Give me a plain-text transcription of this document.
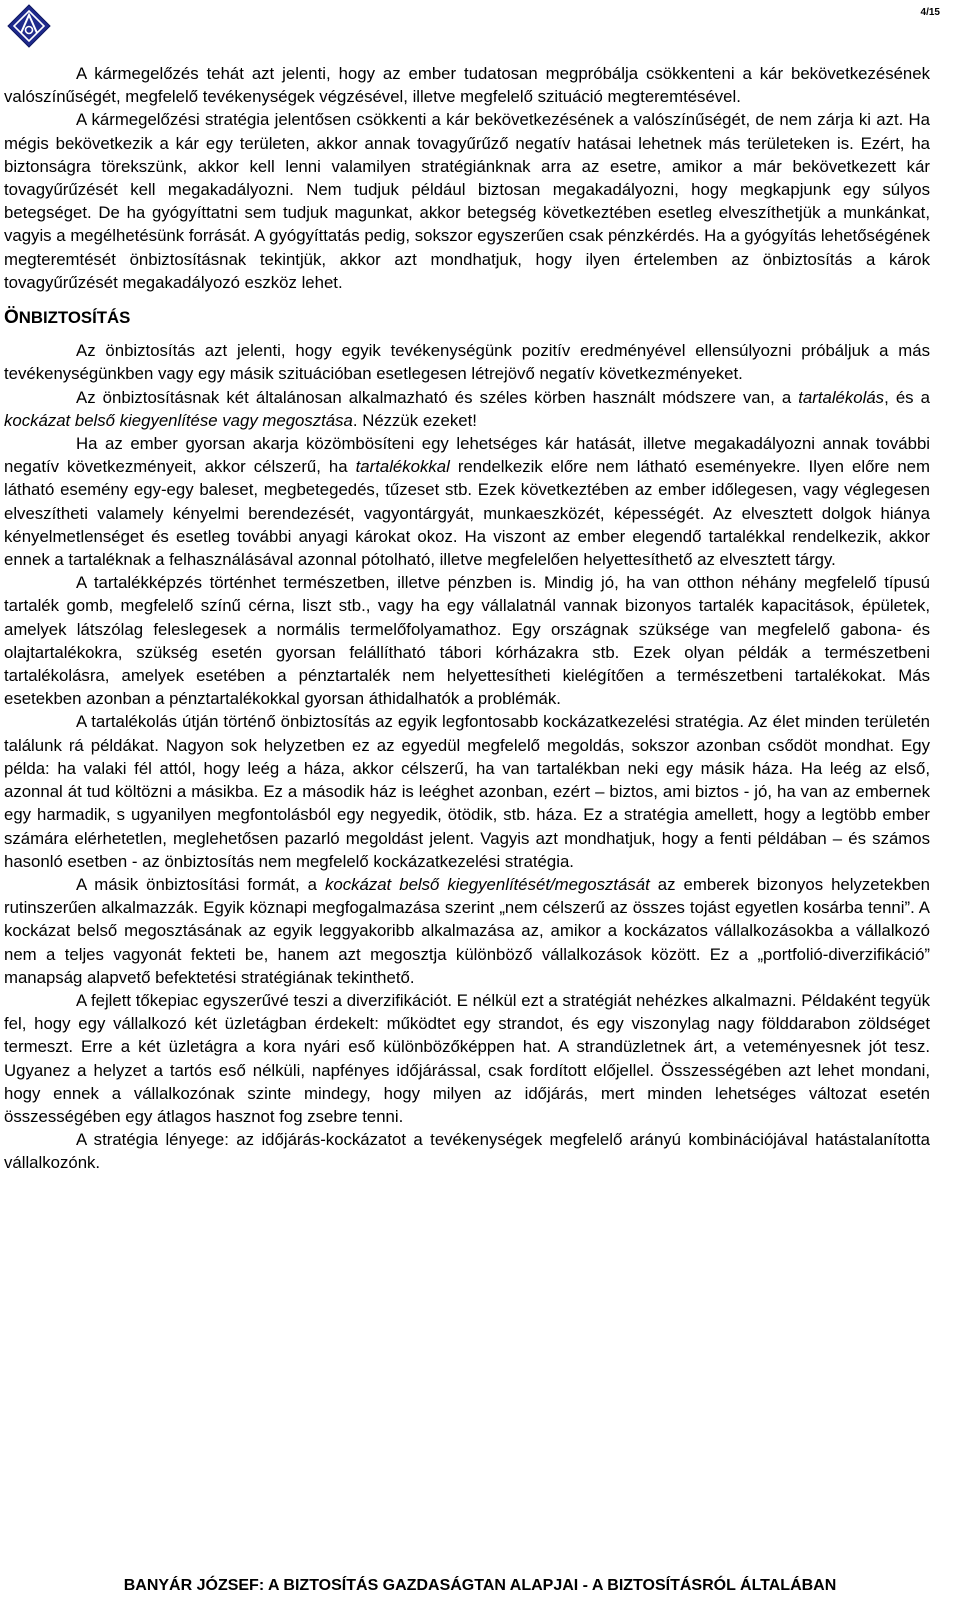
4/15

A kármegelőzés tehát azt jelenti, hogy az ember tudatosan megpróbálja csökkenteni a kár bekövetkezésének valószínűségét, megfelelő tevékenységek végzésével, illetve megfelelő szituáció megteremtésével.

A kármegelőzési stratégia jelentősen csökkenti a kár bekövetkezésének a valószínűségét, de nem zárja ki azt. Ha mégis bekövetkezik a kár egy területen, akkor annak tovagyűrűző negatív hatásai lehetnek más területeken is. Ezért, ha biztonságra törekszünk, akkor kell lenni valamilyen stratégiánknak arra az esetre, amikor a már bekövetkezett kár tovagyűrűzését kell megakadályozni. Nem tudjuk például biztosan megakadályozni, hogy megkapjunk egy súlyos betegséget. De ha gyógyíttatni sem tudjuk magunkat, akkor betegség következtében esetleg elveszíthetjük a munkánkat, vagyis a megélhetésünk forrását. A gyógyíttatás pedig, sokszor egyszerűen csak pénzkérdés. Ha a gyógyítás lehetőségének megteremtését önbiztosításnak tekintjük, akkor azt mondhatjuk, hogy ilyen értelemben az önbiztosítás a károk tovagyűrűzését megakadályozó eszköz lehet.

ÖNBIZTOSÍTÁS

Az önbiztosítás azt jelenti, hogy egyik tevékenységünk pozitív eredményével ellensúlyozni próbáljuk a más tevékenységünkben vagy egy másik szituációban esetlegesen létrejövő negatív következményeket.

Az önbiztosításnak két általánosan alkalmazható és széles körben használt módszere van, a tartalékolás, és a kockázat belső kiegyenlítése vagy megosztása. Nézzük ezeket!

Ha az ember gyorsan akarja közömbösíteni egy lehetséges kár hatását, illetve megakadályozni annak további negatív következményeit, akkor célszerű, ha tartalékokkal rendelkezik előre nem látható eseményekre. Ilyen előre nem látható esemény egy-egy baleset, megbetegedés, tűzeset stb. Ezek következtében az ember időlegesen, vagy véglegesen elveszítheti valamely kényelmi berendezését, vagyontárgyát, munkaeszközét, képességét. Az elvesztett dolgok hiánya kényelmetlenséget és esetleg további anyagi károkat okoz. Ha viszont az ember elegendő tartalékkal rendelkezik, akkor ennek a tartaléknak a felhasználásával azonnal pótolható, illetve megfelelően helyettesíthető az elvesztett tárgy.

A tartalékképzés történhet természetben, illetve pénzben is. Mindig jó, ha van otthon néhány megfelelő típusú tartalék gomb, megfelelő színű cérna, liszt stb., vagy ha egy vállalatnál vannak bizonyos tartalék kapacitások, épületek, amelyek látszólag feleslegesek a normális termelőfolyamathoz. Egy országnak szüksége van megfelelő gabona- és olajtartalékokra, szükség esetén gyorsan felállítható tábori kórházakra stb. Ezek olyan példák a természetbeni tartalékolásra, amelyek esetében a pénztartalék nem helyettesítheti kielégítően a természetbeni tartalékokat. Más esetekben azonban a pénztartalékokkal gyorsan áthidalhatók a problémák.

A tartalékolás útján történő önbiztosítás az egyik legfontosabb kockázatkezelési stratégia. Az élet minden területén találunk rá példákat. Nagyon sok helyzetben ez az egyedül megfelelő megoldás, sokszor azonban csődöt mondhat. Egy példa: ha valaki fél attól, hogy leég a háza, akkor célszerű, ha van tartalékban neki egy másik háza. Ha leég az első, azonnal át tud költözni a másikba. Ez a második ház is leéghet azonban, ezért – biztos, ami biztos - jó, ha van az embernek egy harmadik, s ugyanilyen megfontolásból egy negyedik, ötödik, stb. háza. Ez a stratégia amellett, hogy a legtöbb ember számára elérhetetlen, meglehetősen pazarló megoldást jelent. Vagyis azt mondhatjuk, hogy a fenti példában – és számos hasonló esetben - az önbiztosítás nem megfelelő kockázatkezelési stratégia.

A másik önbiztosítási formát, a kockázat belső kiegyenlítését/megosztását az emberek bizonyos helyzetekben rutinszerűen alkalmazzák. Egyik köznapi megfogalmazása szerint „nem célszerű az összes tojást egyetlen kosárba tenni”. A kockázat belső megosztásának az egyik leggyakoribb alkalmazása az, amikor a kockázatos vállalkozásokba a vállalkozó nem a teljes vagyonát fekteti be, hanem azt megosztja különböző vállalkozások között. Ez a „portfolió-diverzifikáció” manapság alapvető befektetési stratégiának tekinthető.

A fejlett tőkepiac egyszerűvé teszi a diverzifikációt. E nélkül ezt a stratégiát nehézkes alkalmazni. Példaként tegyük fel, hogy egy vállalkozó két üzletágban érdekelt: működtet egy strandot, és egy viszonylag nagy földdarabon zöldséget termeszt. Erre a két üzletágra a kora nyári eső különbözőképpen hat. A strandüzletnek árt, a veteményesnek jót tesz. Ugyanez a helyzet a tartós eső nélküli, napfényes időjárással, csak fordított előjellel. Összességében azt lehet mondani, hogy ennek a vállalkozónak szinte mindegy, hogy milyen az időjárás, mert minden lehetséges változat esetén összességében egy átlagos hasznot fog zsebre tenni.

A stratégia lényege: az időjárás-kockázatot a tevékenységek megfelelő arányú kombinációjával hatástalanította vállalkozónk.

BANYÁR JÓZSEF: A BIZTOSÍTÁS GAZDASÁGTAN ALAPJAI - A BIZTOSÍTÁSRÓL ÁLTALÁBAN
